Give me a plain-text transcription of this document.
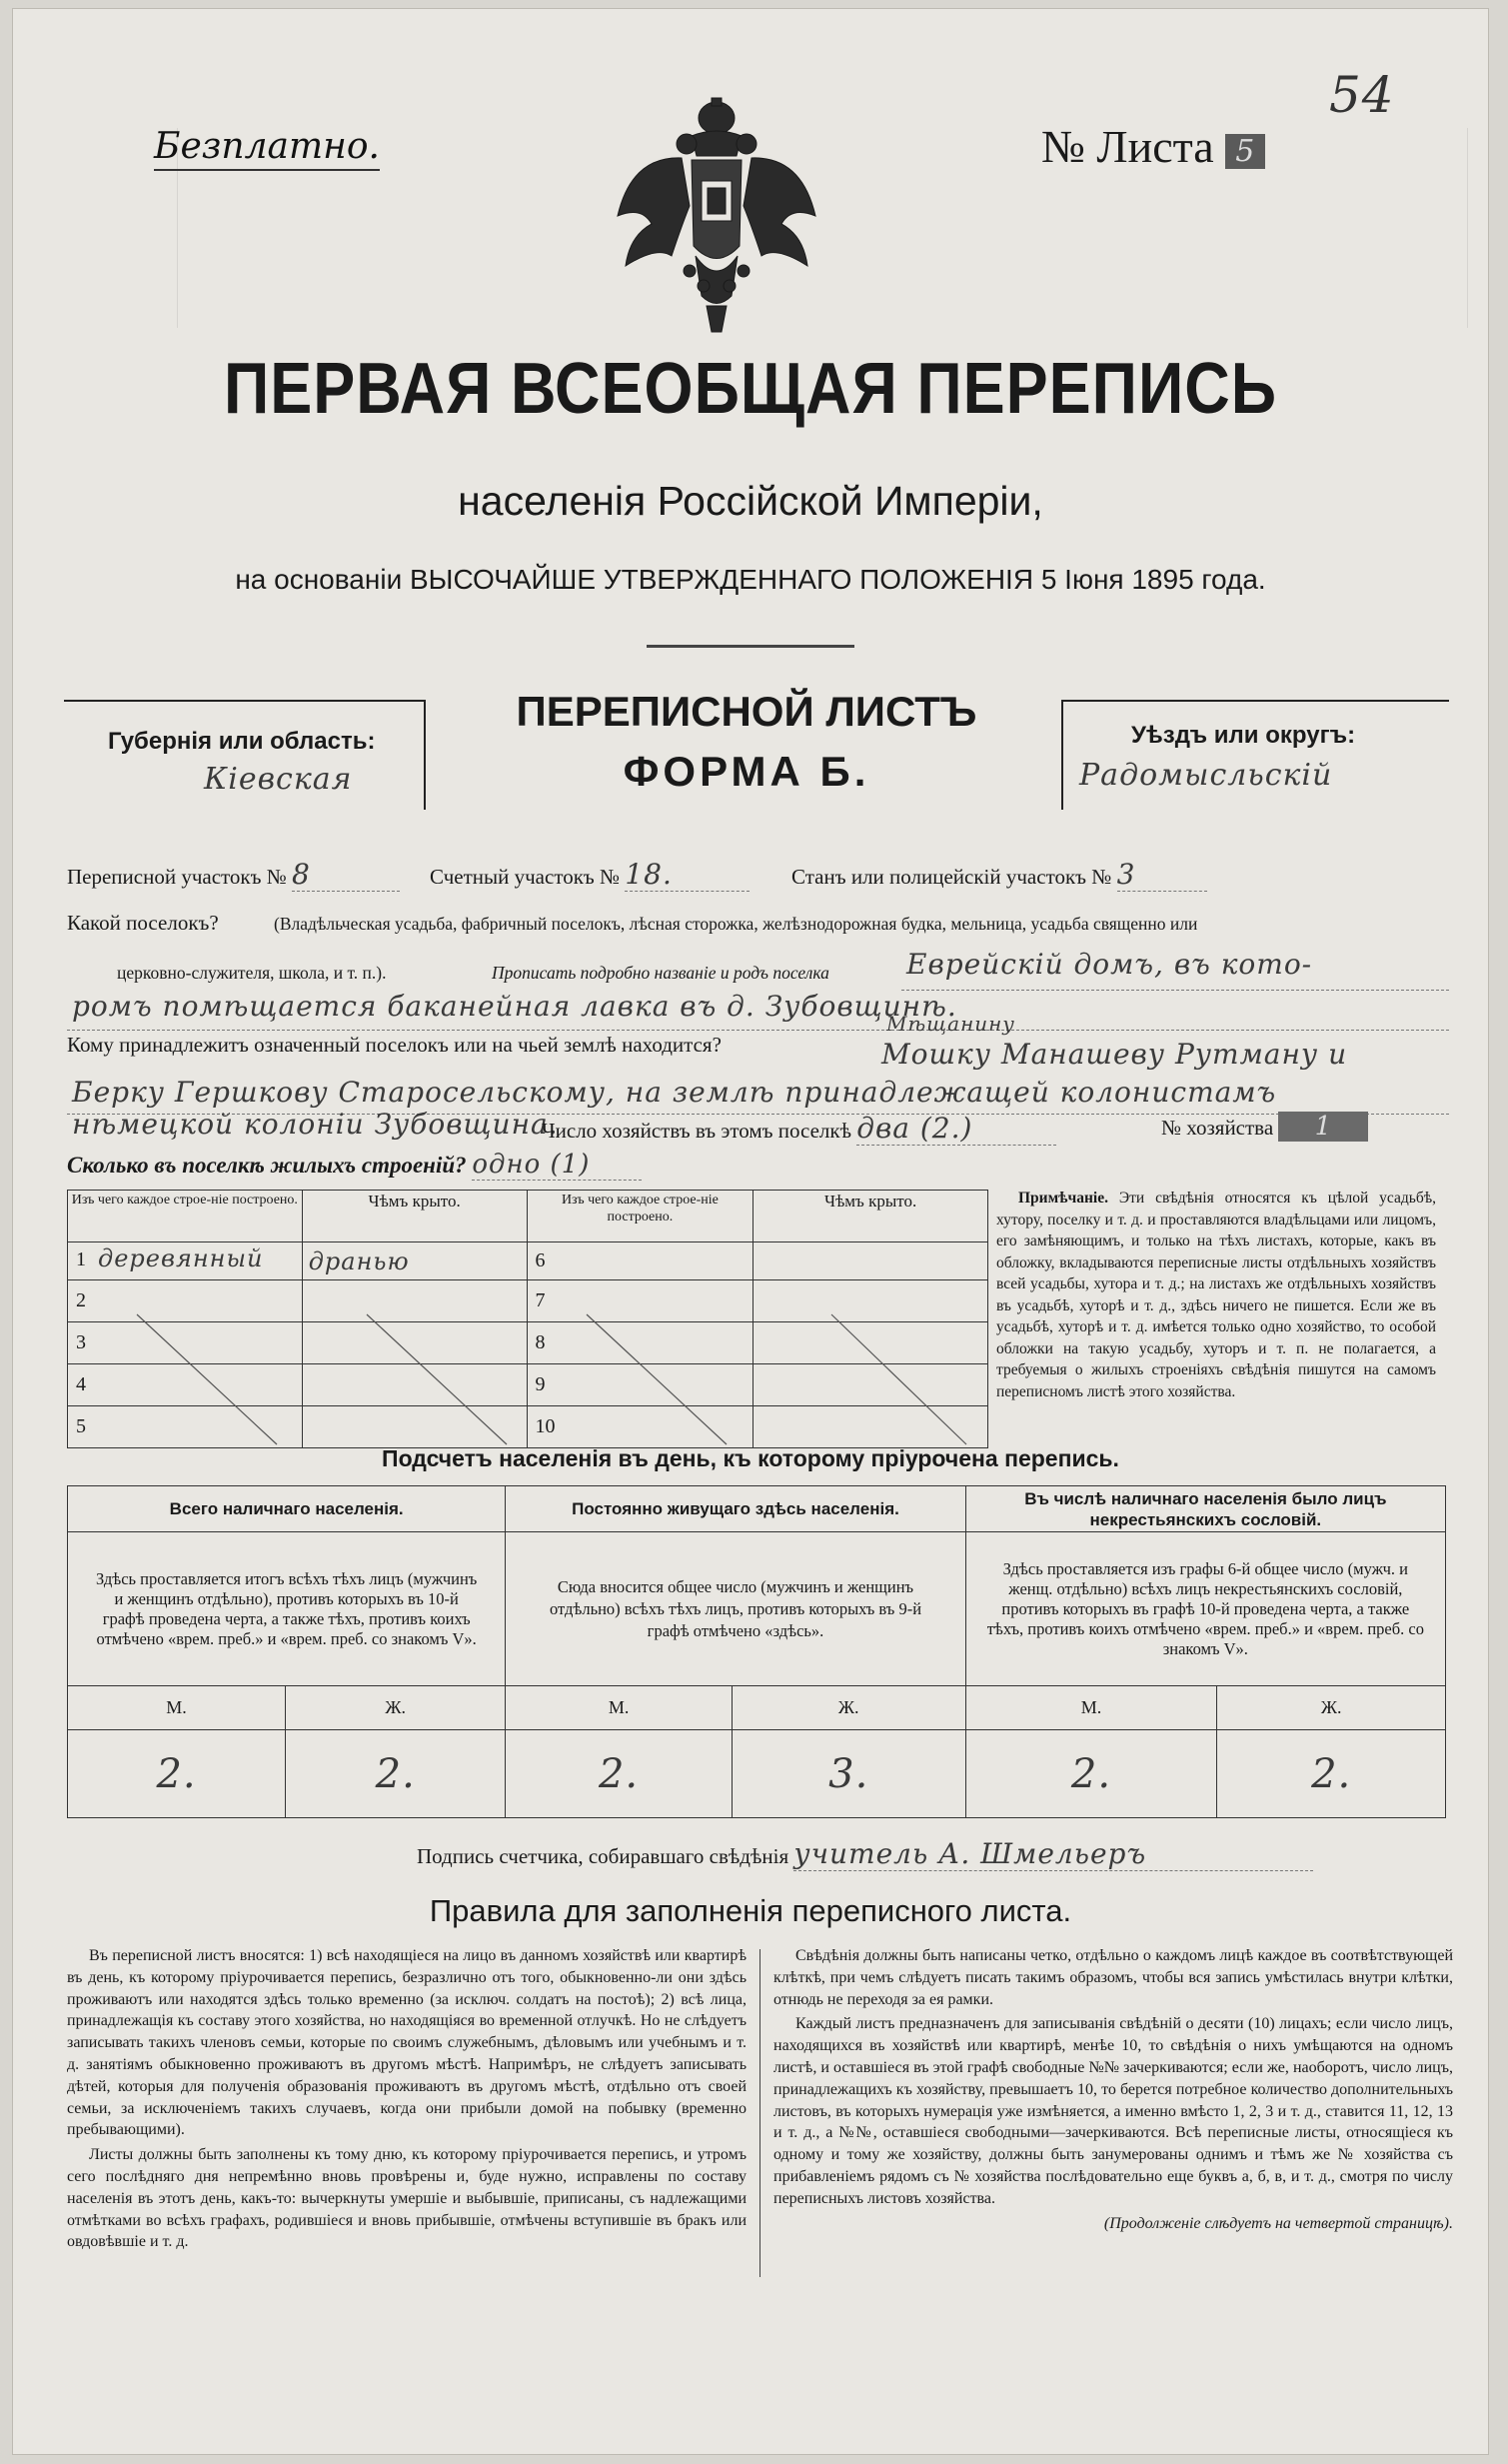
Безплатно.	№ Листа 5
54
ПЕРВАЯ ВСЕОБЩАЯ ПЕРЕПИСЬ
населенія Россійской Имперіи,
на основаніи ВЫСОЧАЙШЕ УТВЕРЖДЕННАГО ПОЛОЖЕНІЯ 5 Іюня 1895 года.
Губернія или область:
Кіевская
ПЕРЕПИСНОЙ ЛИСТЪ
ФОРМА Б.
Уѣздъ или округъ:
Радомысльскій
Переписной участокъ № 8	Счетный участокъ № 18.	Станъ или полицейскій участокъ № 3
Какой поселокъ?	(Владѣльческая усадьба, фабричный поселокъ, лѣсная сторожка, желѣзнодорожная будка, мельница, усадьба священно или
церковно-служителя, школа, и т. п.).	Прописать подробно названіе и родъ поселка	Еврейскій домъ, въ кото-
ромъ помѣщается баканейная лавка въ д. Зубовщинѣ.
Кому принадлежитъ означенный поселокъ или на чьей землѣ находится?
Мѣщанину
Мошку Манашеву Рутману и
Берку Гершкову Старосельскому, на землѣ принадлежащей колонистамъ
нѣмецкой колоніи Зубовщина.
Число хозяйствъ въ этомъ поселкѣ два (2.)	№ хозяйства 1
Сколько въ поселкѣ жилыхъ строеній? одно (1)
Изъ чего каждое строе-ніе построено.	Чѣмъ крыто.	Изъ чего каждое строе-ніе построено.	Чѣмъ крыто.

1 деревянный	дранью	6	
2		7	
3		8	
4		9	
5		10	
Примѣчаніе. Эти свѣдѣнія относятся къ цѣлой усадьбѣ, хутору, поселку и т. д. и проставляются владѣльцами или лицомъ, его замѣняющимъ, и только на тѣхъ листахъ, которые, какъ въ обложку, вкладываются переписные листы отдѣльныхъ хозяйствъ всей усадьбы, хутора и т. д.; на листахъ же отдѣльныхъ хозяйствъ въ усадьбѣ, хуторѣ и т. д., здѣсь ничего не пишется. Если же въ усадьбѣ, хуторѣ и т. д. имѣется только одно хозяйство, то особой обложки на такую усадьбу, хуторъ и т. п. не полагается, а требуемыя о жилыхъ строеніяхъ свѣдѣнія пишутся на самомъ переписномъ листѣ этого хозяйства.
Подсчетъ населенія въ день, къ которому пріурочена перепись.
Всего наличнаго населенія.		Постоянно живущаго здѣсь населенія.		Въ числѣ наличнаго населенія было лицъ некрестьянскихъ сословій.	
Здѣсь проставляется итогъ всѣхъ тѣхъ лицъ (мужчинъ и женщинъ отдѣльно), противъ которыхъ въ 10-й графѣ проведена черта, а также тѣхъ, противъ коихъ отмѣчено «врем. преб.» и «врем. преб. со знакомъ V».		Сюда вносится общее число (мужчинъ и женщинъ отдѣльно) всѣхъ тѣхъ лицъ, противъ которыхъ въ 9-й графѣ отмѣчено «здѣсь».		Здѣсь проставляется изъ графы 6-й общее число (мужч. и женщ. отдѣльно) всѣхъ лицъ некрестьянскихъ сословій, противъ которыхъ въ графѣ 10-й проведена черта, а также тѣхъ, противъ коихъ отмѣчено «врем. преб.» и «врем. преб. со знакомъ V».	
М.	Ж.	М.	Ж.	М.	Ж.
2.	2.	2.	3.	2.	2.
Подпись счетчика, собиравшаго свѣдѣнія учитель А. Шмельеръ
Правила для заполненія переписного листа.

Въ переписной листъ вносятся: 1) всѣ находящіеся на лицо въ данномъ хозяйствѣ или квартирѣ въ день, къ которому пріурочивается перепись, безразлично отъ того, обыкновенно-ли они здѣсь проживаютъ или находятся здѣсь только временно (за исключ. солдатъ на постоѣ); 2) всѣ лица, принадлежащія къ составу этого хозяйства, но находящіяся во временной отлучкѣ. Но не слѣдуетъ записывать такихъ членовъ семьи, которые по своимъ служебнымъ, дѣловымъ или учебнымъ и т. д. занятіямъ обыкновенно проживаютъ въ другомъ мѣстѣ. Напримѣръ, не слѣдуетъ записывать дѣтей, которыя для полученія образованія проживаютъ въ другомъ мѣстѣ, отдѣльно отъ своей семьи, за исключеніемъ такихъ случаевъ, когда они прибыли домой на побывку (временно пребывающими).

Листы должны быть заполнены къ тому дню, къ которому пріурочивается перепись, и утромъ сего послѣдняго дня непремѣнно вновь провѣрены и, буде нужно, исправлены по составу населенія въ этотъ день, какъ-то: вычеркнуты умершіе и выбывшіе, приписаны, съ надлежащими отмѣтками во всѣхъ графахъ, родившіеся и вновь прибывшіе, отмѣчены вступившіе въ бракъ или овдовѣвшіе и т. д.

Свѣдѣнія должны быть написаны четко, отдѣльно о каждомъ лицѣ каждое въ соотвѣтствующей клѣткѣ, при чемъ слѣдуетъ писать такимъ образомъ, чтобы вся запись умѣстилась внутри клѣтки, отнюдь не переходя за ея рамки.

Каждый листъ предназначенъ для записыванія свѣдѣній о десяти (10) лицахъ; если число лицъ, находящихся въ хозяйствѣ или квартирѣ, менѣе 10, то свѣдѣнія о нихъ умѣщаются на одномъ листѣ, и оставшіеся въ этой графѣ свободные №№ зачеркиваются; если же, наоборотъ, число лицъ, принадлежащихъ къ хозяйству, превышаетъ 10, то берется потребное количество дополнительныхъ листовъ, въ которыхъ нумерація уже измѣняется, а именно вмѣсто 1, 2, 3 и т. д., ставится 11, 12, 13 и т. д., а №№, оставшіеся свободными—зачеркиваются. Всѣ переписные листы, относящіеся къ одному и тому же хозяйству, должны быть занумерованы однимъ и тѣмъ же № хозяйства съ прибавленіемъ рядомъ съ № хозяйства послѣдовательно еще буквъ а, б, в, и т. д., смотря по числу переписныхъ листовъ хозяйства.

(Продолженіе слѣдуетъ на четвертой страницѣ).
